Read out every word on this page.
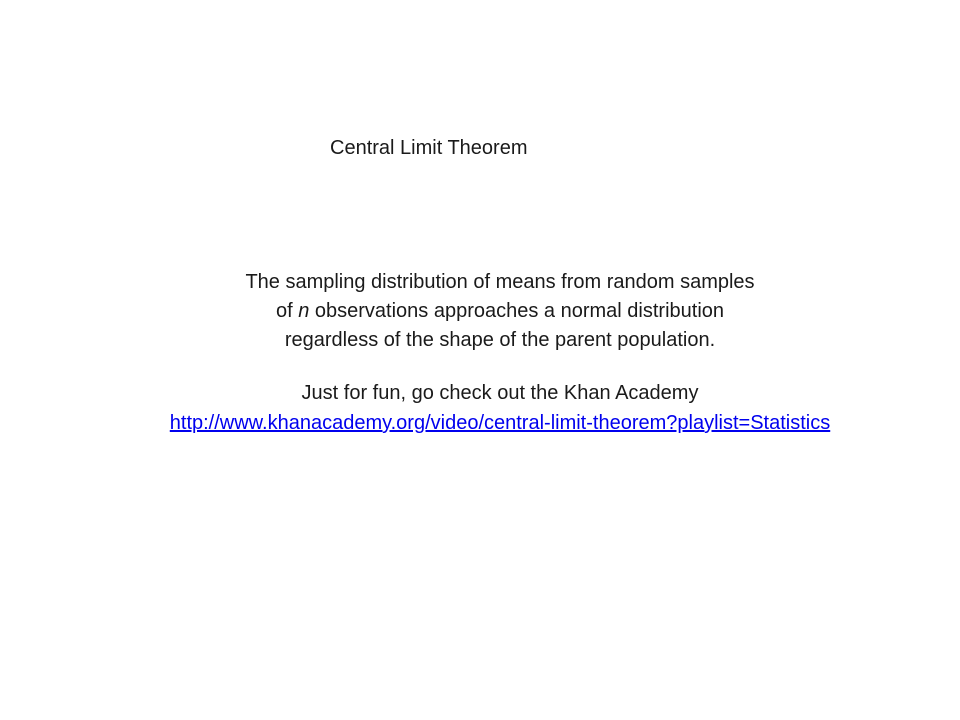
Central Limit Theorem
The sampling distribution of means from random samples
of n observations approaches a normal distribution
regardless of the shape of the parent population.
Just for fun, go check out the Khan Academy
http://www.khanacademy.org/video/central-limit-theorem?playlist=Statistics
